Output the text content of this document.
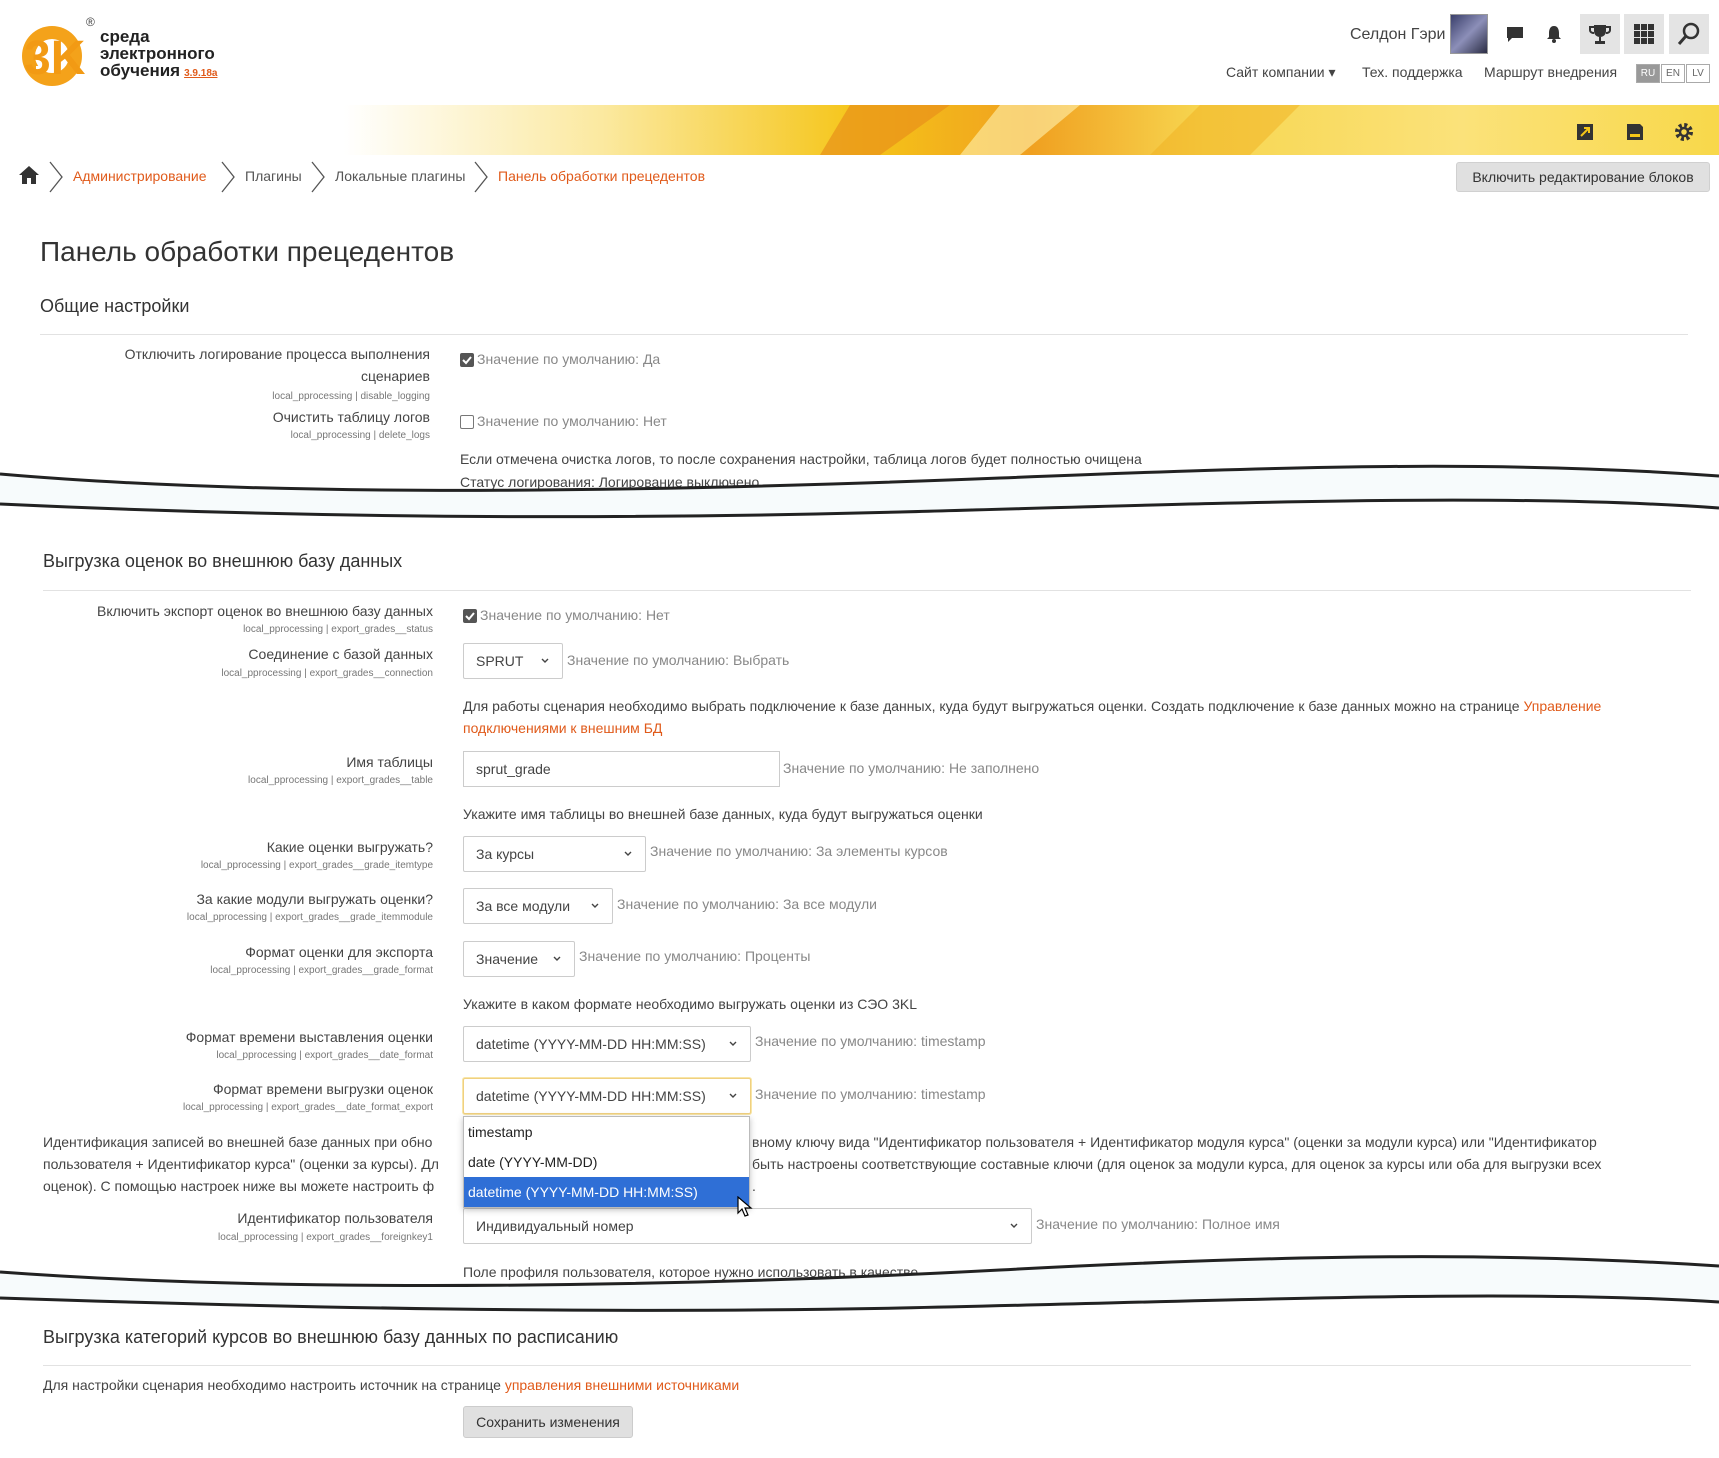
3K
®
среда
электронного
обучения 3.9.18a
Селдон Гэри
Сайт компании ▾ Тех. поддержка Маршрут внедрения	RU	EN	LV
Администрирование	Плагины Локальные плагины Панель обработки прецедентов	Включить редактирование блоков
Панель обработки прецедентов
Общие настройки
Отключить логирование процесса выполнения сценариев
local_pprocessing | disable_logging
Значение по умолчанию: Да
Очистить таблицу логов
local_pprocessing | delete_logs
Значение по умолчанию: Нет
Если отмечена очистка логов, то после сохранения настройки, таблица логов будет полностью очищена
Статус логирования: Логирование выключено
Выгрузка оценок во внешнюю базу данных
Включить экспорт оценок во внешнюю базу данных
local_pprocessing | export_grades__status
Значение по умолчанию: Нет
Соединение с базой данных
local_pprocessing | export_grades__connection
SPRUT	Значение по умолчанию: Выбрать
Для работы сценария необходимо выбрать подключение к базе данных, куда будут выгружаться оценки. Создать подключение к базе данных можно на странице Управление подключениями к внешним БД
Имя таблицы
local_pprocessing | export_grades__table
sprut_grade	Значение по умолчанию: Не заполнено
Укажите имя таблицы во внешней базе данных, куда будут выгружаться оценки
Какие оценки выгружать?
local_pprocessing | export_grades__grade_itemtype
За курсы	Значение по умолчанию: За элементы курсов
За какие модули выгружать оценки?
local_pprocessing | export_grades__grade_itemmodule
За все модули	Значение по умолчанию: За все модули
Формат оценки для экспорта
local_pprocessing | export_grades__grade_format
Значение	Значение по умолчанию: Проценты
Укажите в каком формате необходимо выгружать оценки из СЭО 3KL
Формат времени выставления оценки
local_pprocessing | export_grades__date_format
datetime (YYYY-MM-DD HH:MM:SS)	Значение по умолчанию: timestamp
Формат времени выгрузки оценок
local_pprocessing | export_grades__date_format_export
datetime (YYYY-MM-DD HH:MM:SS)	Значение по умолчанию: timestamp
Идентификация записей во внешней базе данных при обно	вному ключу вида "Идентификатор пользователя + Идентификатор модуля курса" (оценки за модули курса) или "Идентификатор
пользователя + Идентификатор курса" (оценки за курсы). Дл	быть настроены соответствующие составные ключи (для оценок за модули курса, для оценок за курсы или оба для выгрузки всех
оценок). С помощью настроек ниже вы можете настроить ф	.
timestamp
date (YYYY-MM-DD)
datetime (YYYY-MM-DD HH:MM:SS)
Идентификатор пользователя
local_pprocessing | export_grades__foreignkey1
Индивидуальный номер	Значение по умолчанию: Полное имя
Поле профиля пользователя, которое нужно использовать в качестве
Выгрузка категорий курсов во внешнюю базу данных по расписанию
Для настройки сценария необходимо настроить источник на странице управления внешними источниками
Сохранить изменения
